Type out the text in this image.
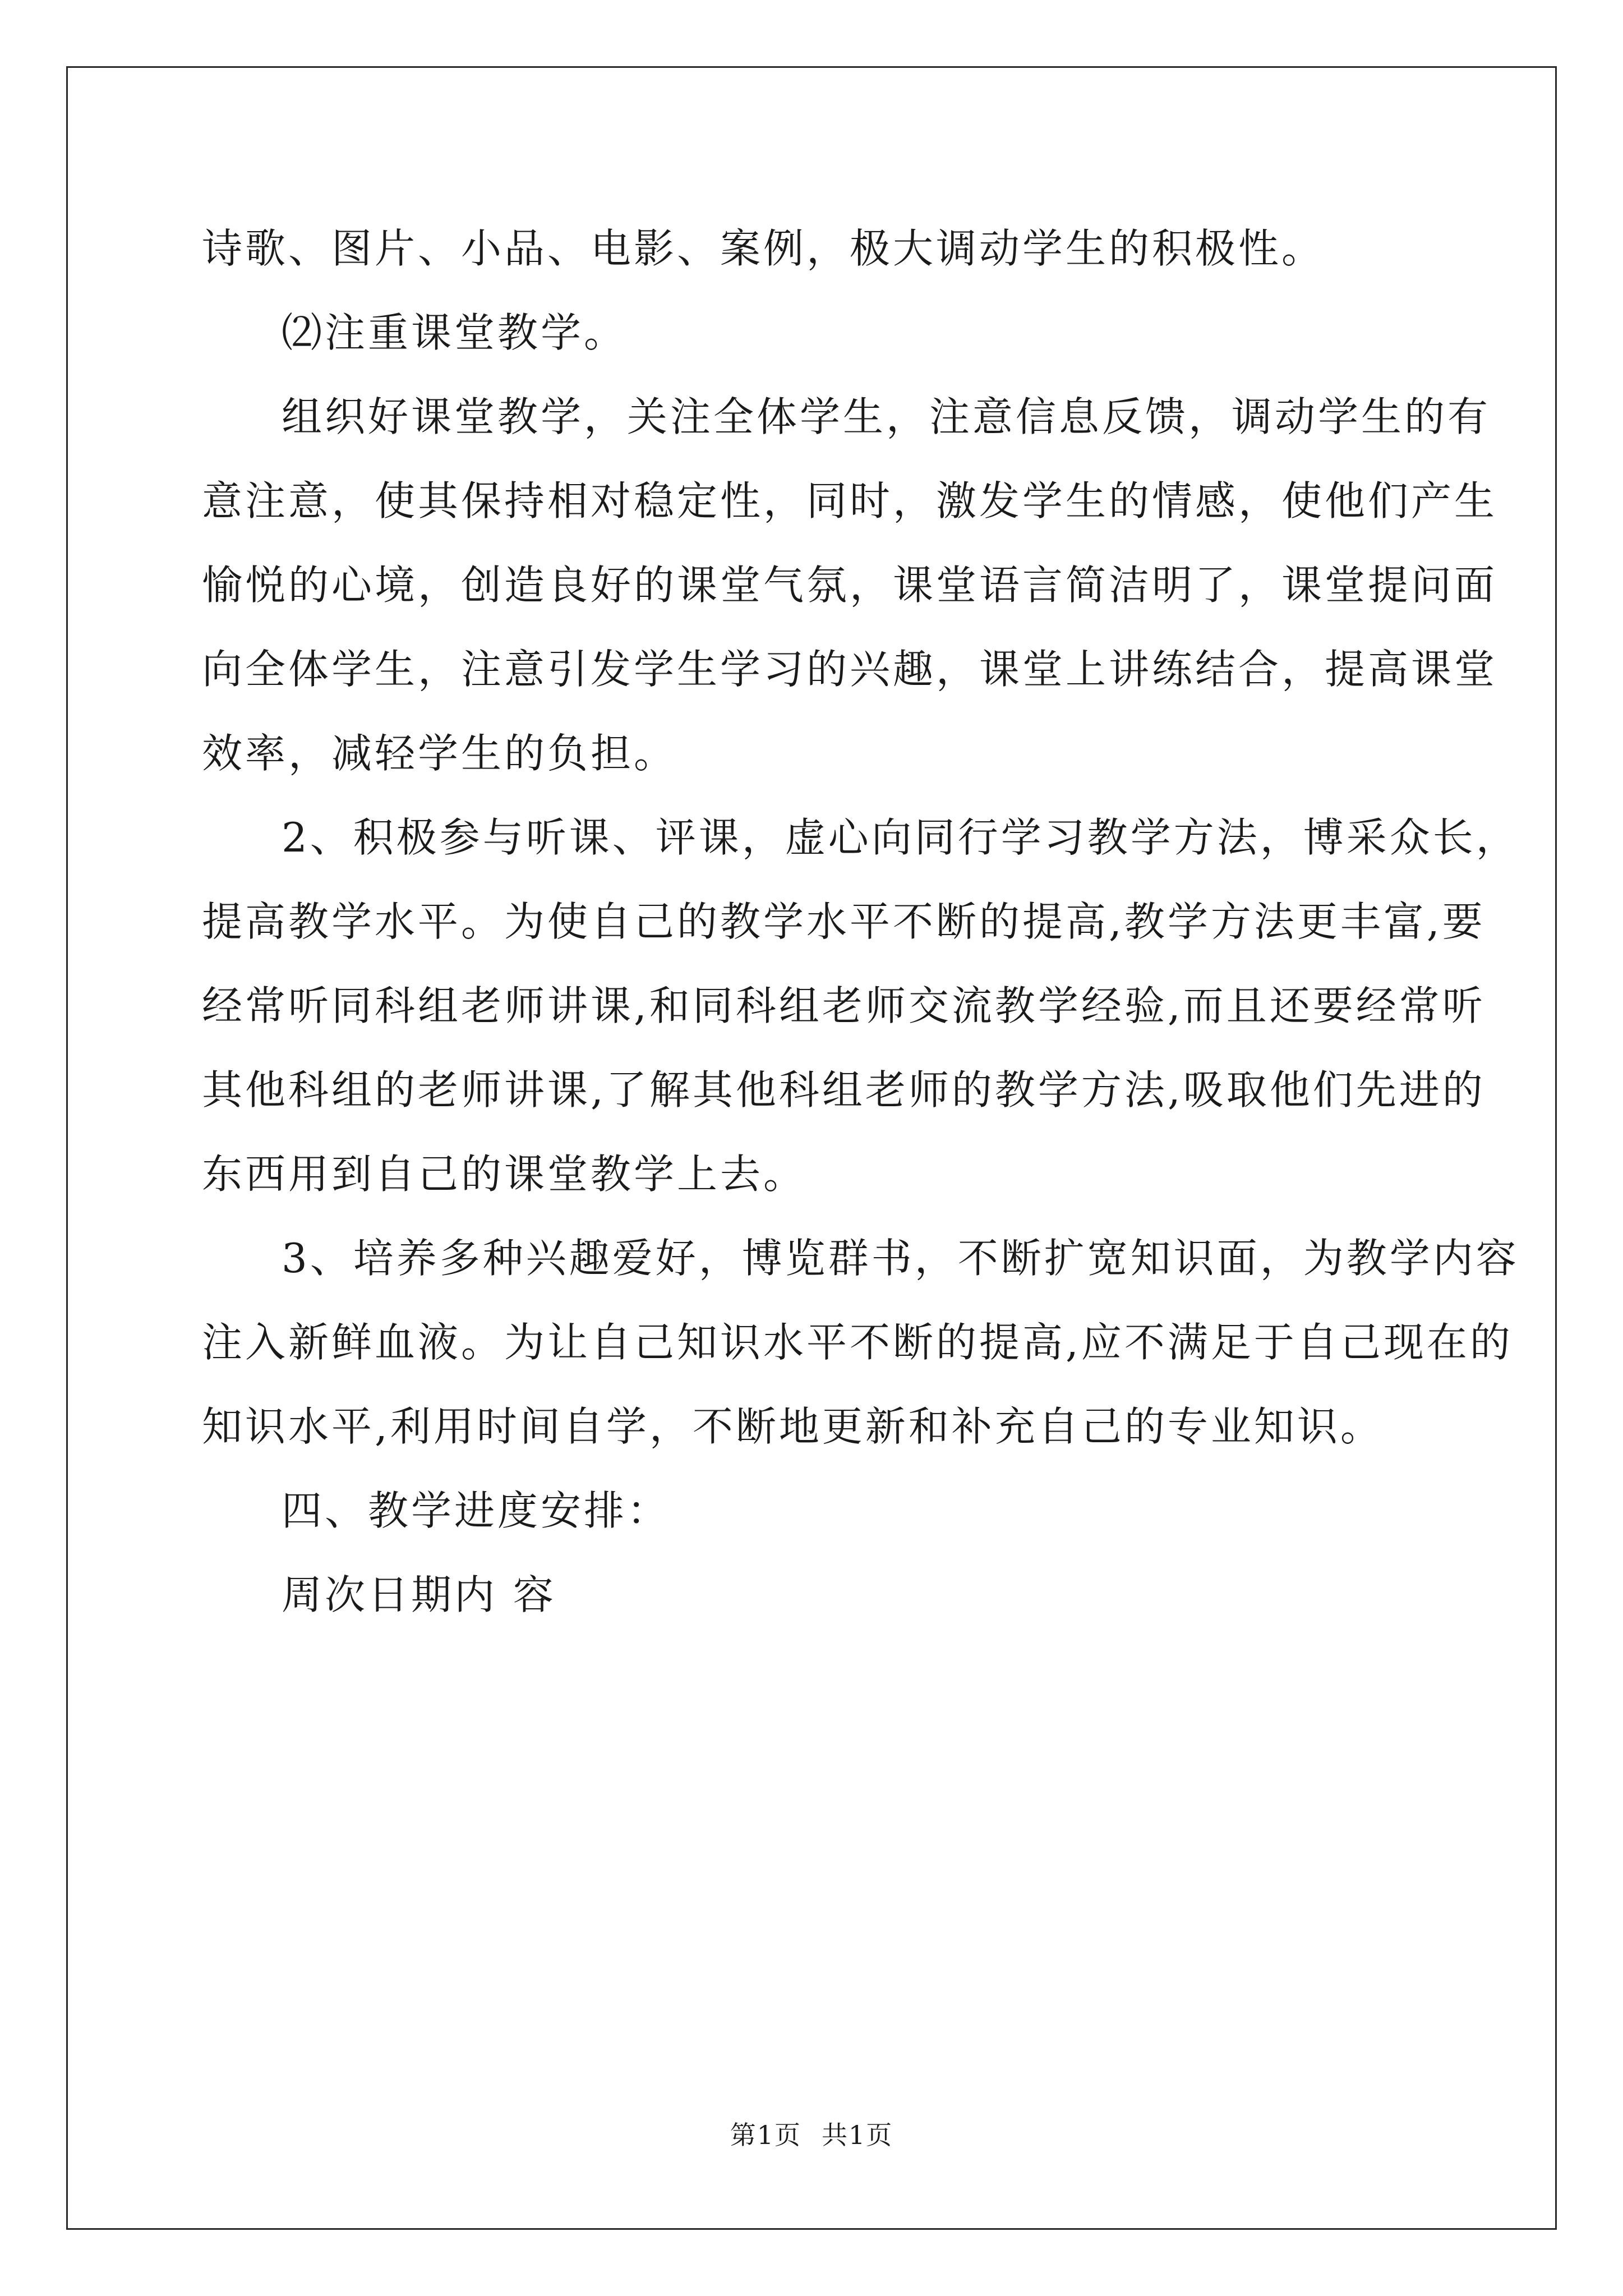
诗歌、图片、小品、电影、案例，极大调动学生的积极性。
⑵注重课堂教学。
组织好课堂教学，关注全体学生，注意信息反馈，调动学生的有
意注意，使其保持相对稳定性，同时，激发学生的情感，使他们产生
愉悦的心境，创造良好的课堂气氛，课堂语言简洁明了，课堂提问面
向全体学生，注意引发学生学习的兴趣，课堂上讲练结合，提高课堂
效率，减轻学生的负担。
2、积极参与听课、评课，虚心向同行学习教学方法，博采众长，
提高教学水平。为使自己的教学水平不断的提高,教学方法更丰富,要
经常听同科组老师讲课,和同科组老师交流教学经验,而且还要经常听
其他科组的老师讲课,了解其他科组老师的教学方法,吸取他们先进的
东西用到自己的课堂教学上去。
3、培养多种兴趣爱好，博览群书，不断扩宽知识面，为教学内容
注入新鲜血液。为让自己知识水平不断的提高,应不满足于自己现在的
知识水平,利用时间自学，不断地更新和补充自己的专业知识。
四、教学进度安排：
周次日期内 容
第1页 共1页
